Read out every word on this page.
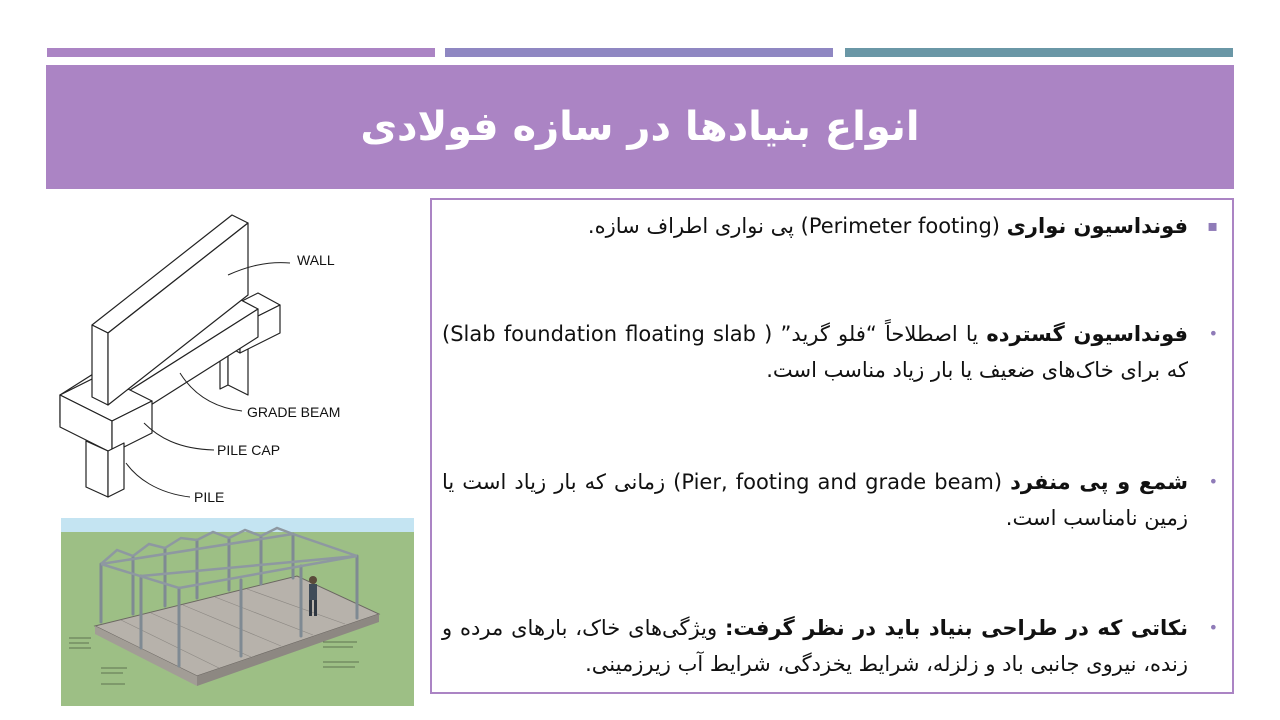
انواع بنیادها در سازه فولادی
WALL
GRADE BEAM
PILE CAP
PILE
▪
فونداسیون نواری (Perimeter footing) پی نواری اطراف سازه.
•
فونداسیون گسترده یا اصطلاحاً “فلو گرید” ( Slab foundation floating slab) که برای خاک‌های ضعیف یا بار زیاد مناسب است.
•
شمع و پی منفرد (Pier, footing and grade beam) زمانی که بار زیاد است یا زمین نامناسب است.
•
نکاتی که در طراحی بنیاد باید در نظر گرفت: ویژگی‌های خاک، بارهای مرده و زنده، نیروی جانبی باد و زلزله، شرایط یخزدگی، شرایط آب زیرزمینی.
